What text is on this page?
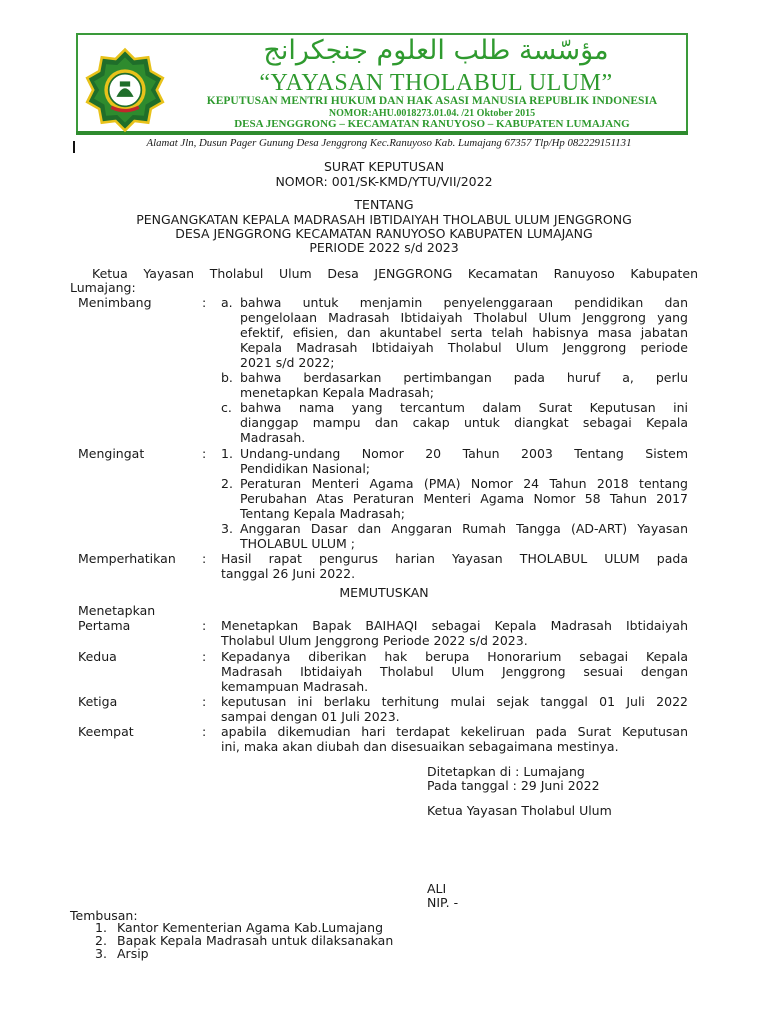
مؤسّسة طلب العلوم جنجكرانج
“YAYASAN THOLABUL ULUM”
KEPUTUSAN MENTRI HUKUM DAN HAK ASASI MANUSIA REPUBLIK INDONESIA
NOMOR:AHU.0018273.01.04. /21 Oktober 2015
DESA JENGGRONG – KECAMATAN RANUYOSO – KABUPATEN LUMAJANG
Alamat Jln, Dusun Pager Gunung Desa Jenggrong Kec.Ranuyoso Kab. Lumajang 67357 Tlp/Hp 082229151131
SURAT KEPUTUSAN
NOMOR: 001/SK-KMD/YTU/VII/2022
TENTANG
PENGANGKATAN KEPALA MADRASAH IBTIDAIYAH THOLABUL ULUM JENGGRONG
DESA JENGGRONG KECAMATAN RANUYOSO KABUPATEN LUMAJANG
PERIODE 2022 s/d 2023
Ketua Yayasan Tholabul Ulum Desa JENGGRONG Kecamatan Ranuyoso Kabupaten
Lumajang:
Menimbang	: a. bahwa untuk menjamin penyelenggaraan pendidikan dan
pengelolaan Madrasah Ibtidaiyah Tholabul Ulum Jenggrong yang
efektif, efisien, dan akuntabel serta telah habisnya masa jabatan
Kepala Madrasah Ibtidaiyah Tholabul Ulum Jenggrong periode
2021 s/d 2022;
b. bahwa berdasarkan pertimbangan pada huruf a, perlu
menetapkan Kepala Madrasah;
c. bahwa nama yang tercantum dalam Surat Keputusan ini
dianggap mampu dan cakap untuk diangkat sebagai Kepala
Madrasah.
Mengingat	: 1. Undang-undang Nomor 20 Tahun 2003 Tentang Sistem
Pendidikan Nasional;
2. Peraturan Menteri Agama (PMA) Nomor 24 Tahun 2018 tentang
Perubahan Atas Peraturan Menteri Agama Nomor 58 Tahun 2017
Tentang Kepala Madrasah;
3. Anggaran Dasar dan Anggaran Rumah Tangga (AD-ART) Yayasan
THOLABUL ULUM ;
Memperhatikan : Hasil rapat pengurus harian Yayasan THOLABUL ULUM pada
tanggal 26 Juni 2022.
MEMUTUSKAN
Menetapkan
Pertama	: Menetapkan Bapak BAIHAQI sebagai Kepala Madrasah Ibtidaiyah
Tholabul Ulum Jenggrong Periode 2022 s/d 2023.
Kedua	: Kepadanya diberikan hak berupa Honorarium sebagai Kepala
Madrasah Ibtidaiyah Tholabul Ulum Jenggrong sesuai dengan
kemampuan Madrasah.
Ketiga	: keputusan ini berlaku terhitung mulai sejak tanggal 01 Juli 2022
sampai dengan 01 Juli 2023.
Keempat	: apabila dikemudian hari terdapat kekeliruan pada Surat Keputusan
ini, maka akan diubah dan disesuaikan sebagaimana mestinya.
Ditetapkan di : Lumajang
Pada tanggal : 29 Juni 2022
Ketua Yayasan Tholabul Ulum
ALI
NIP. -
Tembusan:
1. Kantor Kementerian Agama Kab.Lumajang
2. Bapak Kepala Madrasah untuk dilaksanakan
3. Arsip
